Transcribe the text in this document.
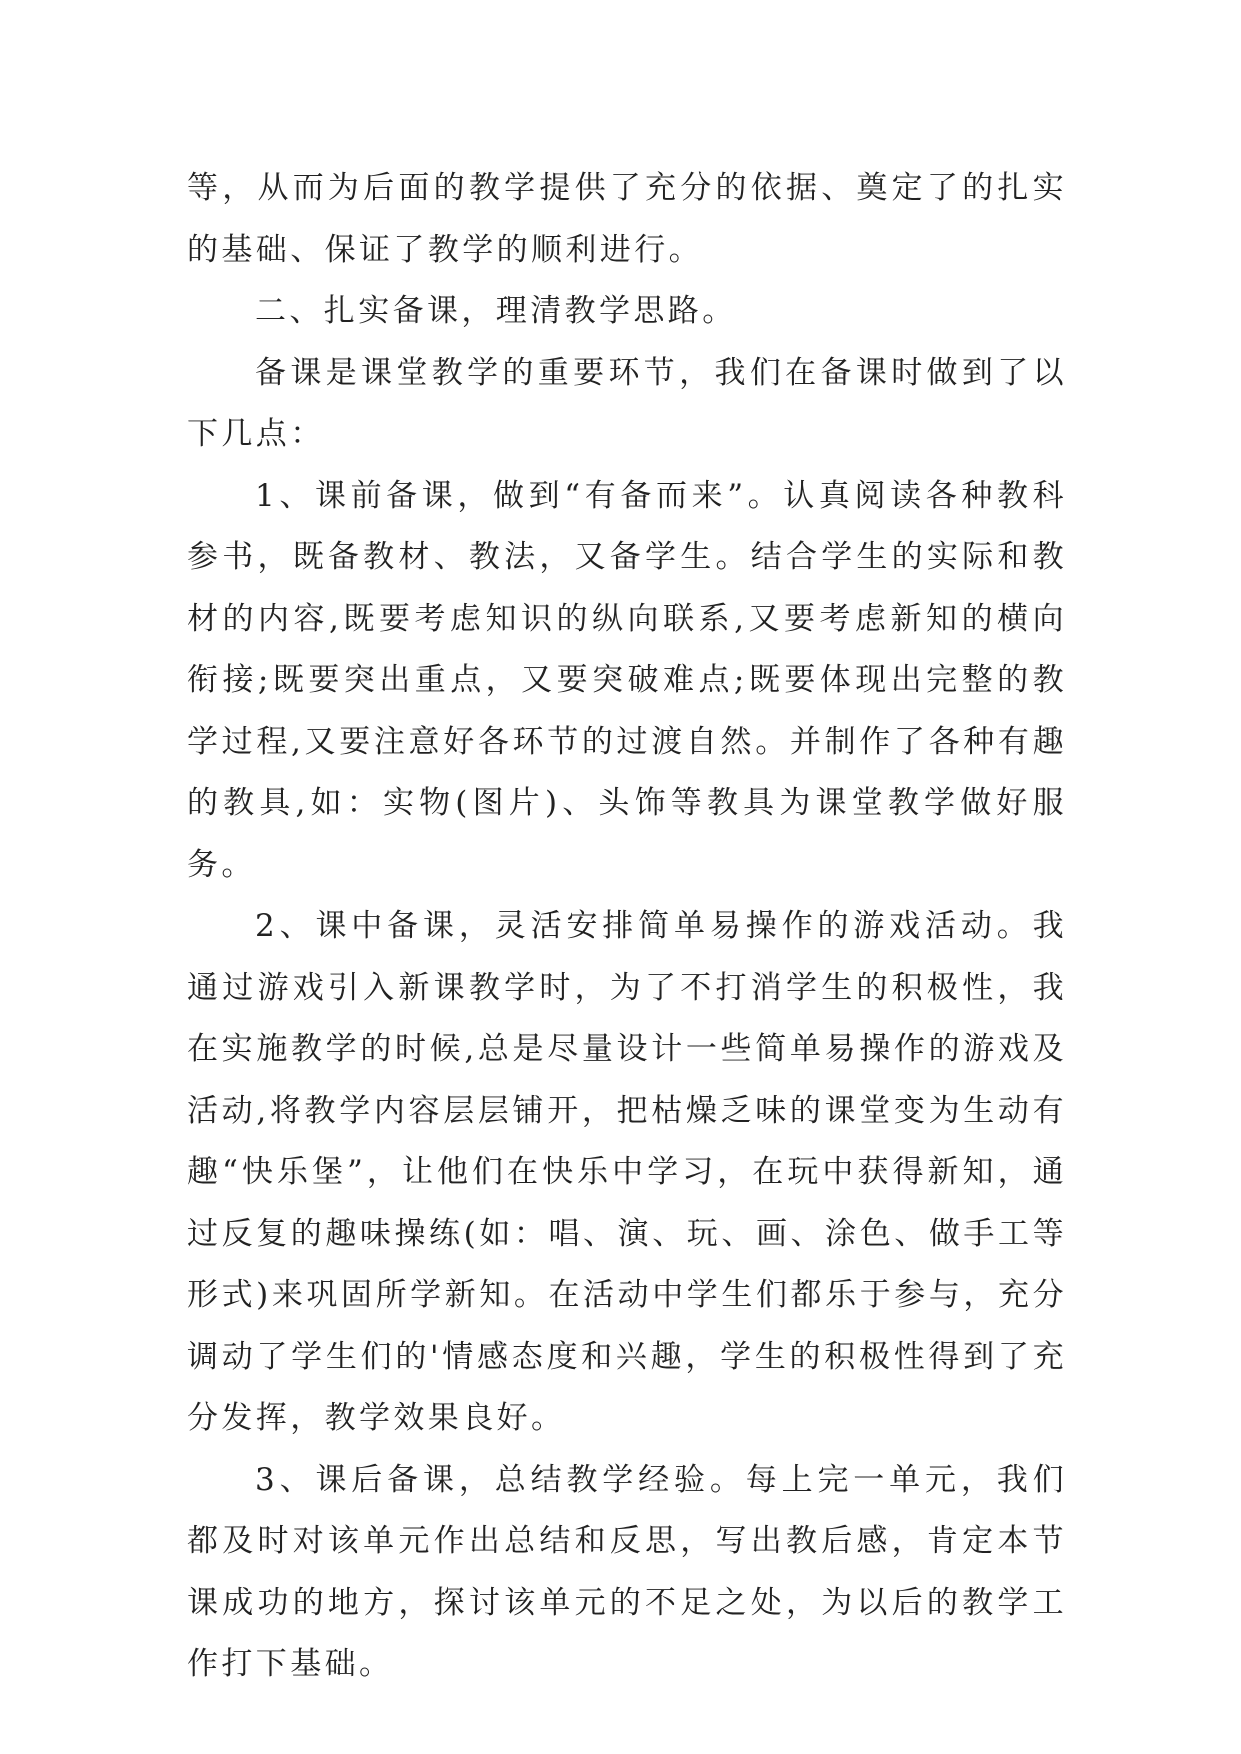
等，从而为后面的教学提供了充分的依据、奠定了的扎实的基础、保证了教学的顺利进行。

二、扎实备课，理清教学思路。

备课是课堂教学的重要环节，我们在备课时做到了以下几点：

1、课前备课，做到“有备而来”。认真阅读各种教科参书，既备教材、教法，又备学生。结合学生的实际和教材的内容,既要考虑知识的纵向联系,又要考虑新知的横向衔接;既要突出重点，又要突破难点;既要体现出完整的教学过程,又要注意好各环节的过渡自然。并制作了各种有趣的教具,如：实物(图片)、头饰等教具为课堂教学做好服务。

2、课中备课，灵活安排简单易操作的游戏活动。我通过游戏引入新课教学时，为了不打消学生的积极性，我在实施教学的时候,总是尽量设计一些简单易操作的游戏及活动,将教学内容层层铺开，把枯燥乏味的课堂变为生动有趣“快乐堡”，让他们在快乐中学习，在玩中获得新知，通过反复的趣味操练(如：唱、演、玩、画、涂色、做手工等形式)来巩固所学新知。在活动中学生们都乐于参与，充分调动了学生们的'情感态度和兴趣，学生的积极性得到了充分发挥，教学效果良好。

3、课后备课，总结教学经验。每上完一单元，我们都及时对该单元作出总结和反思，写出教后感，肯定本节课成功的地方，探讨该单元的不足之处，为以后的教学工作打下基础。
